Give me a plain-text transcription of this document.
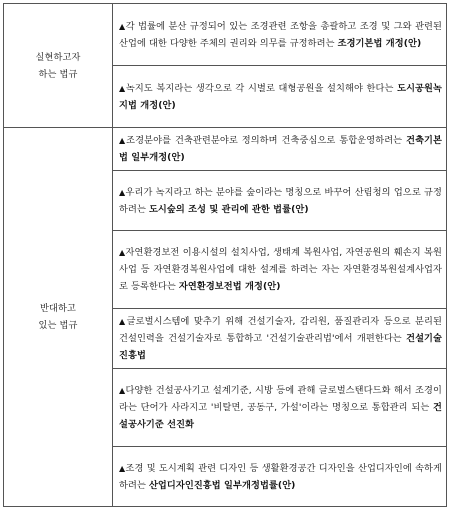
실현하고자
하는 법규	▲각 법률에 분산 규정되어 있는 조경관련 조항을 총괄하고 조경 및 그와 관련된 산업에 대한 다양한 주체의 권리와 의무를 규정하려는 조경기본법 개정(안)
	▲녹지도 복지라는 생각으로 각 시별로 대형공원을 설치해야 한다는 도시공원녹지법 개정(안)

반대하고
있는 법규	▲조경분야를 건축관련분야로 정의하며 건축중심으로 통합운영하려는 건축기본법 일부개정(안)
	▲우리가 녹지라고 하는 분야를 숲이라는 명칭으로 바꾸어 산림청의 업으로 규정하려는 도시숲의 조성 및 관리에 관한 법률(안)
	▲자연환경보전 이용시설의 설치사업, 생태계 복원사업, 자연공원의 훼손지 복원사업 등 자연환경복원사업에 대한 설계를 하려는 자는 자연환경복원설계사업자로 등록한다는 자연환경보전법 개정(안)
	▲글로벌시스템에 맞추기 위해 건설기술자, 감리원, 품질관리자 등으로 분리된 건설인력을 건설기술자로 통합하고 '건설기술관리법'에서 개편한다는 건설기술진흥법
	▲다양한 건설공사기고 설계기준, 시방 등에 관해 글로벌스탠다드화 해서 조경이라는 단어가 사라지고 '비탈면, 공동구, 가설'이라는 명칭으로 통합관리 되는 건설공사기준 선진화
	▲조경 및 도시계획 관련 디자인 등 생활환경공간 디자인을 산업디자인에 속하게 하려는 산업디자인진흥법 일부개정법률(안)
